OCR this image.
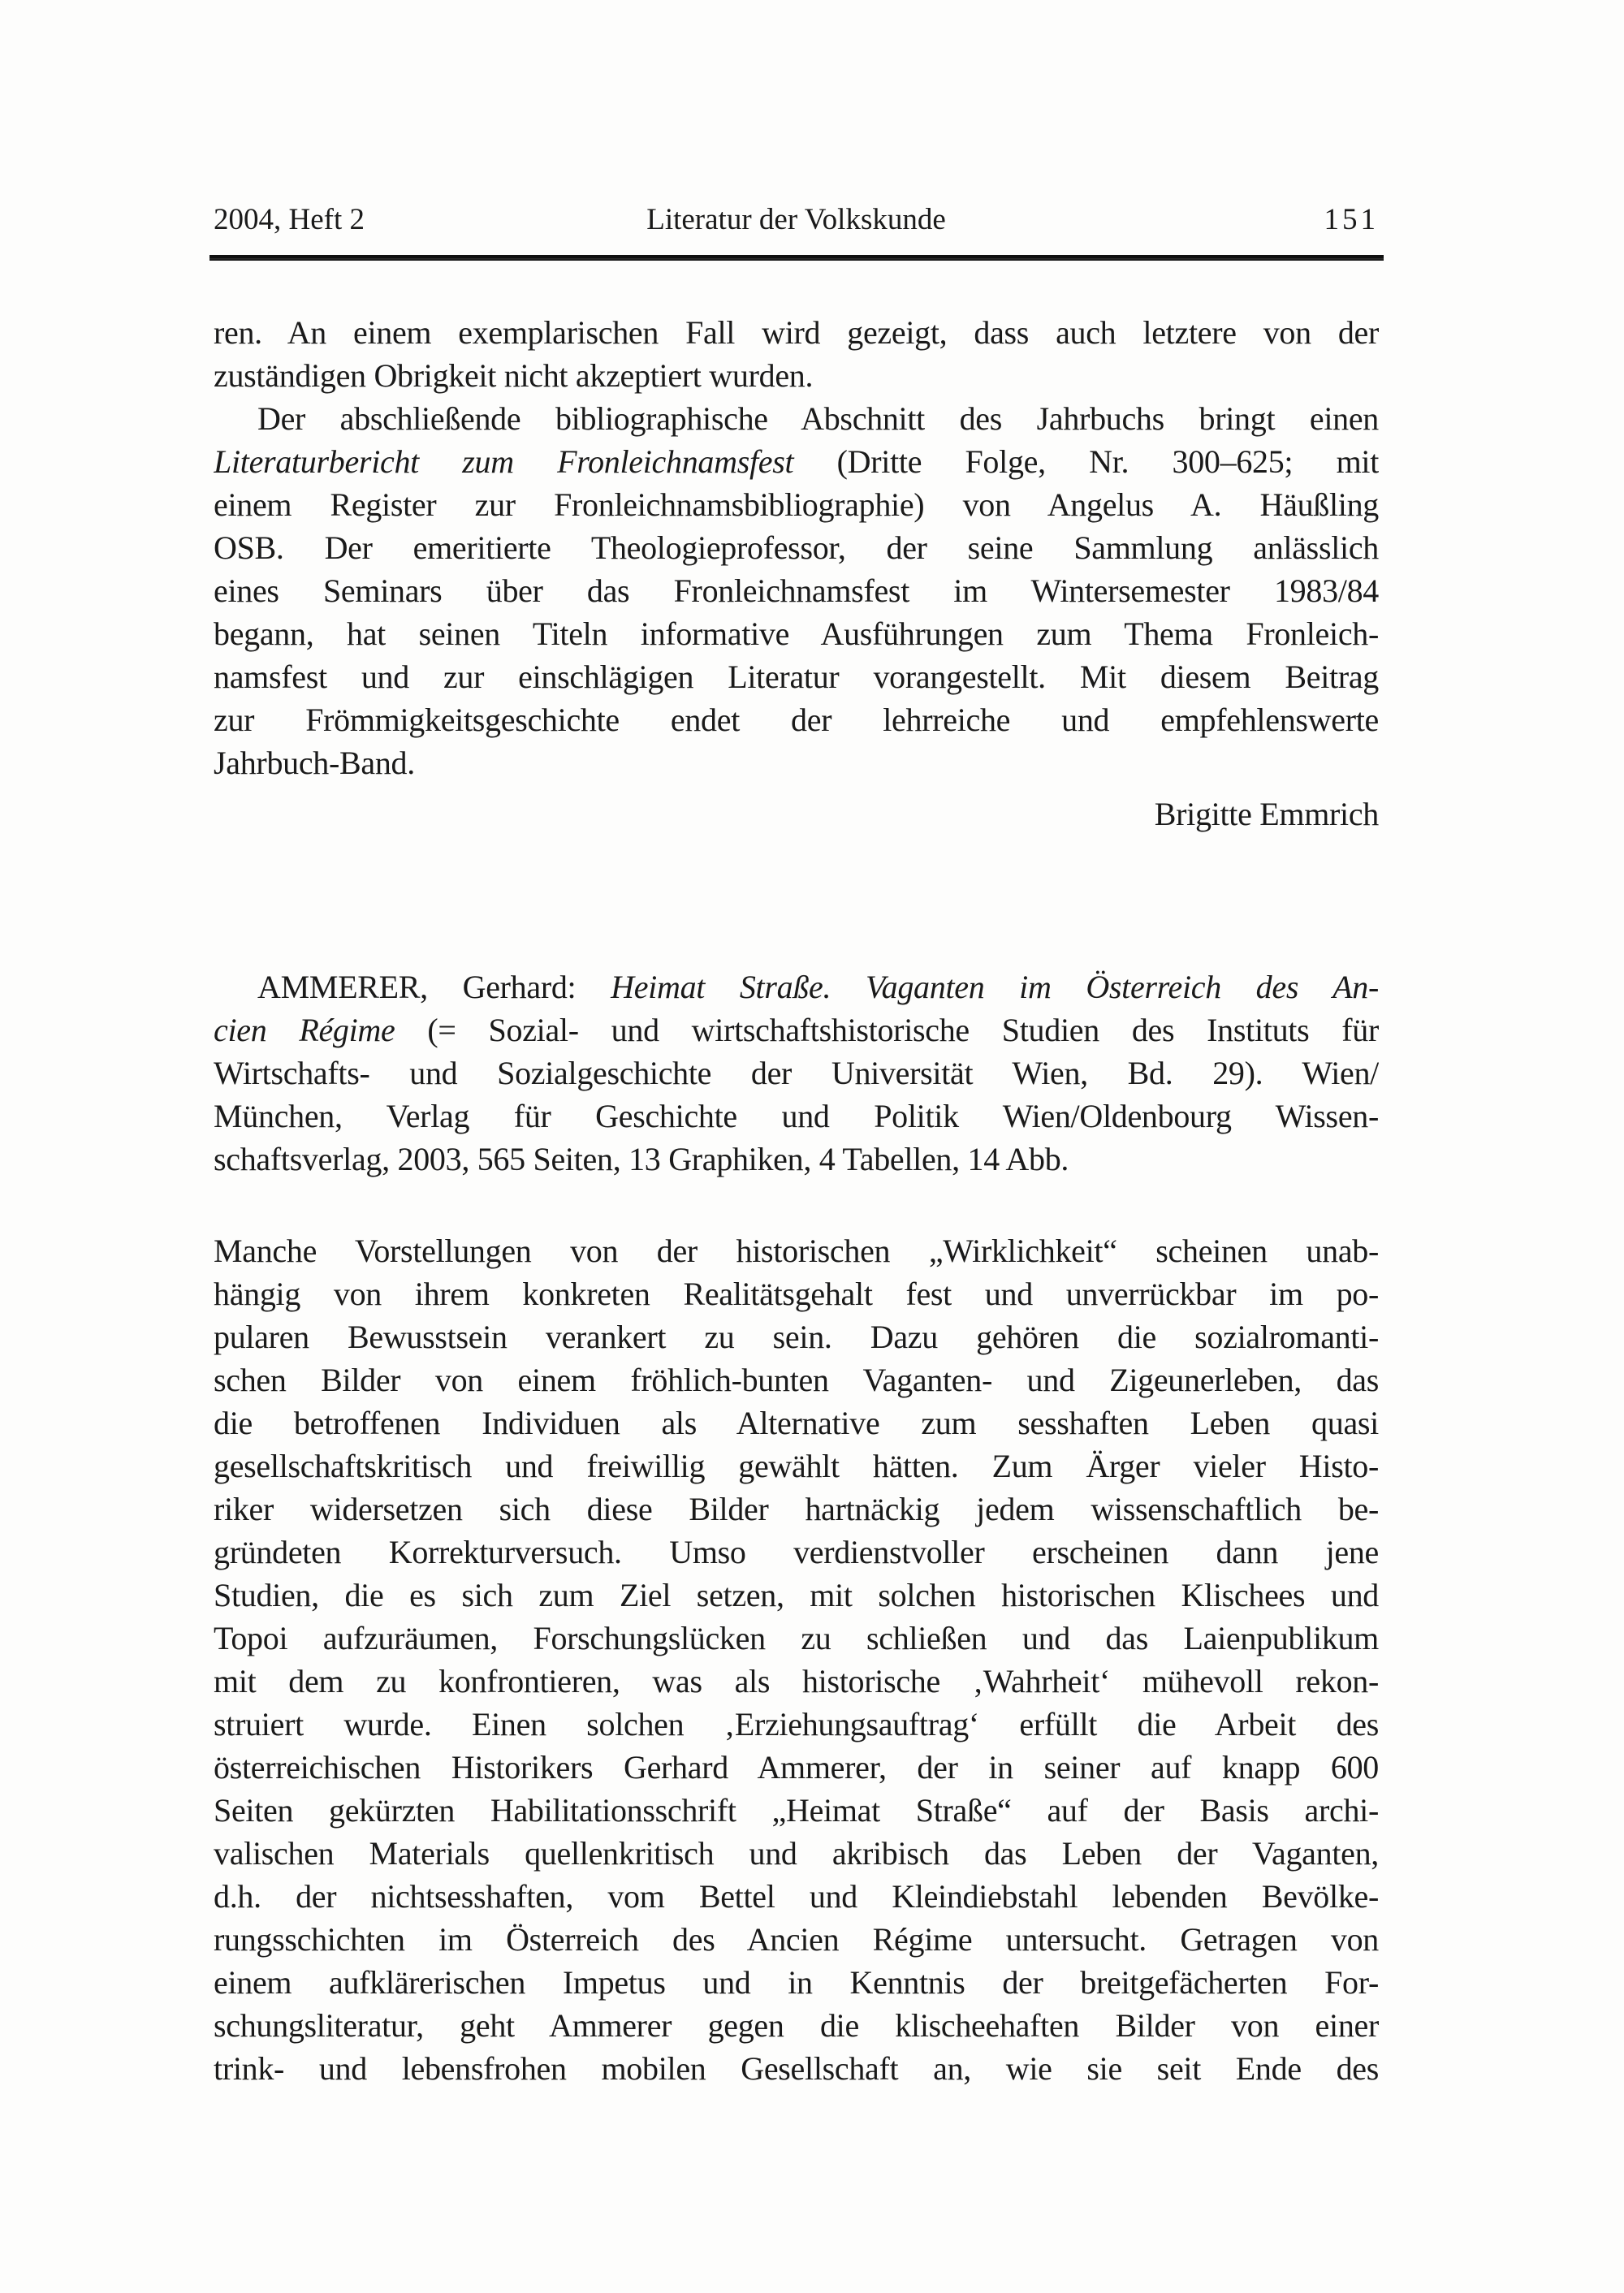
2004, Heft 2	Literatur der Volkskunde	151

ren. An einem exemplarischen Fall wird gezeigt, dass auch letztere von der

zuständigen Obrigkeit nicht akzeptiert wurden.

Der abschließende bibliographische Abschnitt des Jahrbuchs bringt einen

Literaturbericht zum Fronleichnamsfest (Dritte Folge, Nr. 300–625; mit

einem Register zur Fronleichnamsbibliographie) von Angelus A. Häußling

OSB. Der emeritierte Theologieprofessor, der seine Sammlung anlässlich

eines Seminars über das Fronleichnamsfest im Wintersemester 1983/84

begann, hat seinen Titeln informative Ausführungen zum Thema Fronleich-

namsfest und zur einschlägigen Literatur vorangestellt. Mit diesem Beitrag

zur Frömmigkeitsgeschichte endet der lehrreiche und empfehlenswerte

Jahrbuch-Band.

Brigitte Emmrich

AMMERER, Gerhard: Heimat Straße. Vaganten im Österreich des An-

cien Régime (= Sozial- und wirtschaftshistorische Studien des Instituts für

Wirtschafts- und Sozialgeschichte der Universität Wien, Bd. 29). Wien/

München, Verlag für Geschichte und Politik Wien/Oldenbourg Wissen-

schaftsverlag, 2003, 565 Seiten, 13 Graphiken, 4 Tabellen, 14 Abb.

Manche Vorstellungen von der historischen „Wirklichkeit“ scheinen unab-

hängig von ihrem konkreten Realitätsgehalt fest und unverrückbar im po-

pularen Bewusstsein verankert zu sein. Dazu gehören die sozialromanti-

schen Bilder von einem fröhlich-bunten Vaganten- und Zigeunerleben, das

die betroffenen Individuen als Alternative zum sesshaften Leben quasi

gesellschaftskritisch und freiwillig gewählt hätten. Zum Ärger vieler Histo-

riker widersetzen sich diese Bilder hartnäckig jedem wissenschaftlich be-

gründeten Korrekturversuch. Umso verdienstvoller erscheinen dann jene

Studien, die es sich zum Ziel setzen, mit solchen historischen Klischees und

Topoi aufzuräumen, Forschungslücken zu schließen und das Laienpublikum

mit dem zu konfrontieren, was als historische ‚Wahrheit‘ mühevoll rekon-

struiert wurde. Einen solchen ‚Erziehungsauftrag‘ erfüllt die Arbeit des

österreichischen Historikers Gerhard Ammerer, der in seiner auf knapp 600

Seiten gekürzten Habilitationsschrift „Heimat Straße“ auf der Basis archi-

valischen Materials quellenkritisch und akribisch das Leben der Vaganten,

d.h. der nichtsesshaften, vom Bettel und Kleindiebstahl lebenden Bevölke-

rungsschichten im Österreich des Ancien Régime untersucht. Getragen von

einem aufklärerischen Impetus und in Kenntnis der breitgefächerten For-

schungsliteratur, geht Ammerer gegen die klischeehaften Bilder von einer

trink- und lebensfrohen mobilen Gesellschaft an, wie sie seit Ende des
